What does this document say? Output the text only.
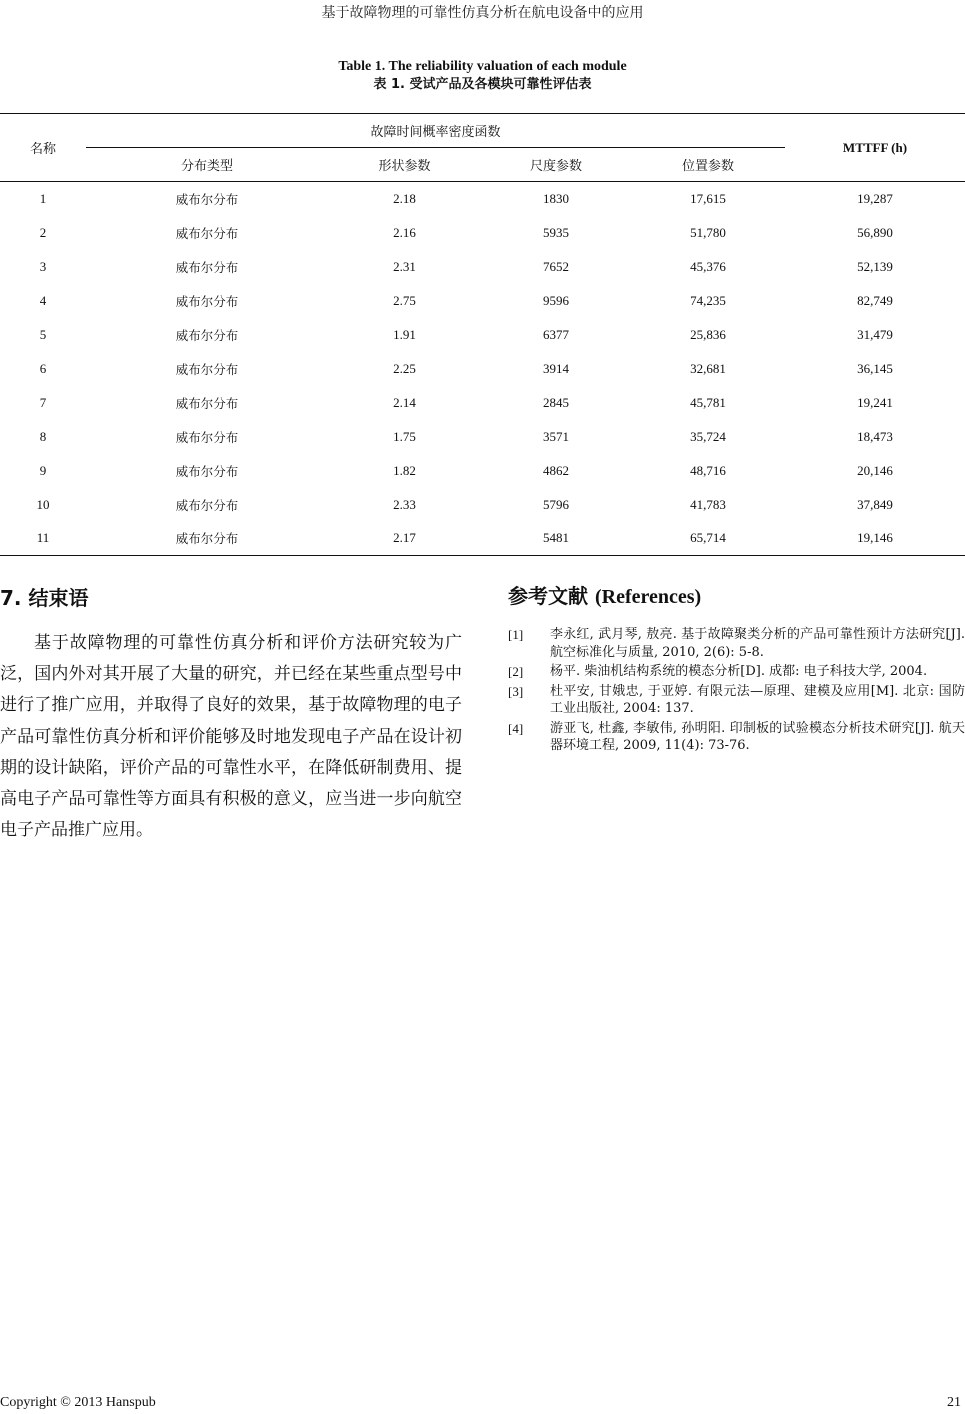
基于故障物理的可靠性仿真分析在航电设备中的应用
Table 1. The reliability valuation of each module
表 1. 受试产品及各模块可靠性评估表
名称	故障时间概率密度函数				MTTFF (h)
	分布类型	形状参数	尺度参数	位置参数	
1	威布尔分布	2.18	1830	17,615	19,287
2	威布尔分布	2.16	5935	51,780	56,890
3	威布尔分布	2.31	7652	45,376	52,139
4	威布尔分布	2.75	9596	74,235	82,749
5	威布尔分布	1.91	6377	25,836	31,479
6	威布尔分布	2.25	3914	32,681	36,145
7	威布尔分布	2.14	2845	45,781	19,241
8	威布尔分布	1.75	3571	35,724	18,473
9	威布尔分布	1.82	4862	48,716	20,146
10	威布尔分布	2.33	5796	41,783	37,849
11	威布尔分布	2.17	5481	65,714	19,146
7. 结束语

基于故障物理的可靠性仿真分析和评价方法研究较为广泛，国内外对其开展了大量的研究，并已经在某些重点型号中进行了推广应用，并取得了良好的效果，基于故障物理的电子产品可靠性仿真分析和评价能够及时地发现电子产品在设计初期的设计缺陷，评价产品的可靠性水平，在降低研制费用、提高电子产品可靠性等方面具有积极的意义，应当进一步向航空电子产品推广应用。

参考文献 (References)
[1]	李永红, 武月琴, 敖亮. 基于故障聚类分析的产品可靠性预计方法研究[J]. 航空标准化与质量, 2010, 2(6): 5-8.
[2]	杨平. 柴油机结构系统的模态分析[D]. 成都: 电子科技大学, 2004.
[3]	杜平安, 甘娥忠, 于亚婷. 有限元法—原理、建模及应用[M]. 北京: 国防工业出版社, 2004: 137.
[4]	游亚飞, 杜鑫, 李敏伟, 孙明阳. 印制板的试验模态分析技术研究[J]. 航天器环境工程, 2009, 11(4): 73-76.
Copyright © 2013 Hanspub	21
